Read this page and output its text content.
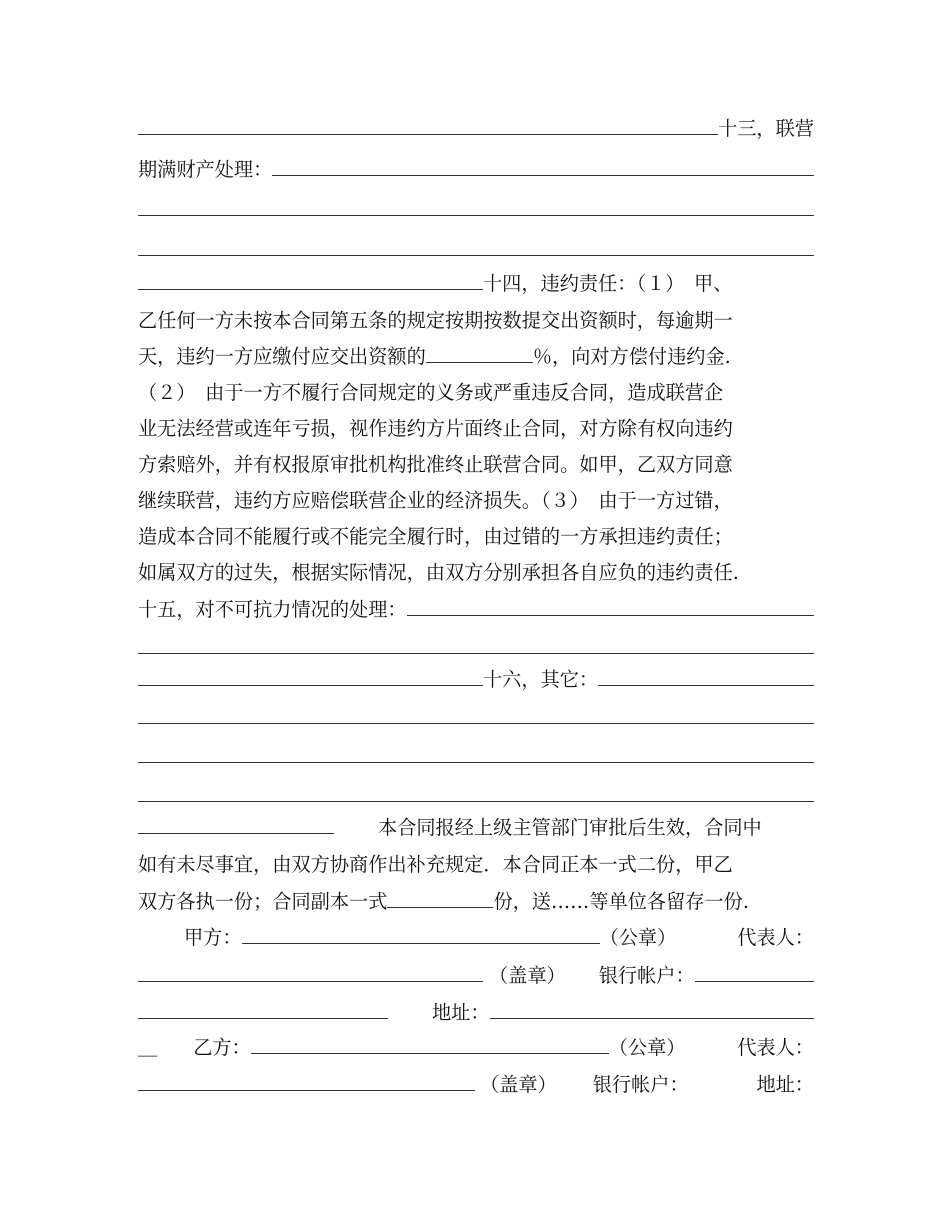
十三，联营
期满财产处理：
十四，违约责任：（１）　甲、
乙任何一方未按本合同第五条的规定按期按数提交出资额时，每逾期一
天，违约一方应缴付应交出资额的	％，向对方偿付违约金.
（２）　由于一方不履行合同规定的义务或严重违反合同，造成联营企
业无法经营或连年亏损，视作违约方片面终止合同，对方除有权向违约
方索赔外，并有权报原审批机构批准终止联营合同。如甲，乙双方同意
继续联营，违约方应赔偿联营企业的经济损失。（３）　由于一方过错，
造成本合同不能履行或不能完全履行时，由过错的一方承担违约责任；
如属双方的过失，根据实际情况，由双方分别承担各自应负的违约责任.
十五，对不可抗力情况的处理：
十六，其它：
本合同报经上级主管部门审批后生效，合同中
如有未尽事宜，由双方协商作出补充规定．本合同正本一式二份，甲乙
双方各执一份；合同副本一式	份，送……等单位各留存一份.
甲方：	（公章）	代表人：
（盖章） 银行帐户：
地址：
＿ 乙方：	（公章）	代表人：
（盖章） 银行帐户：	地址：
